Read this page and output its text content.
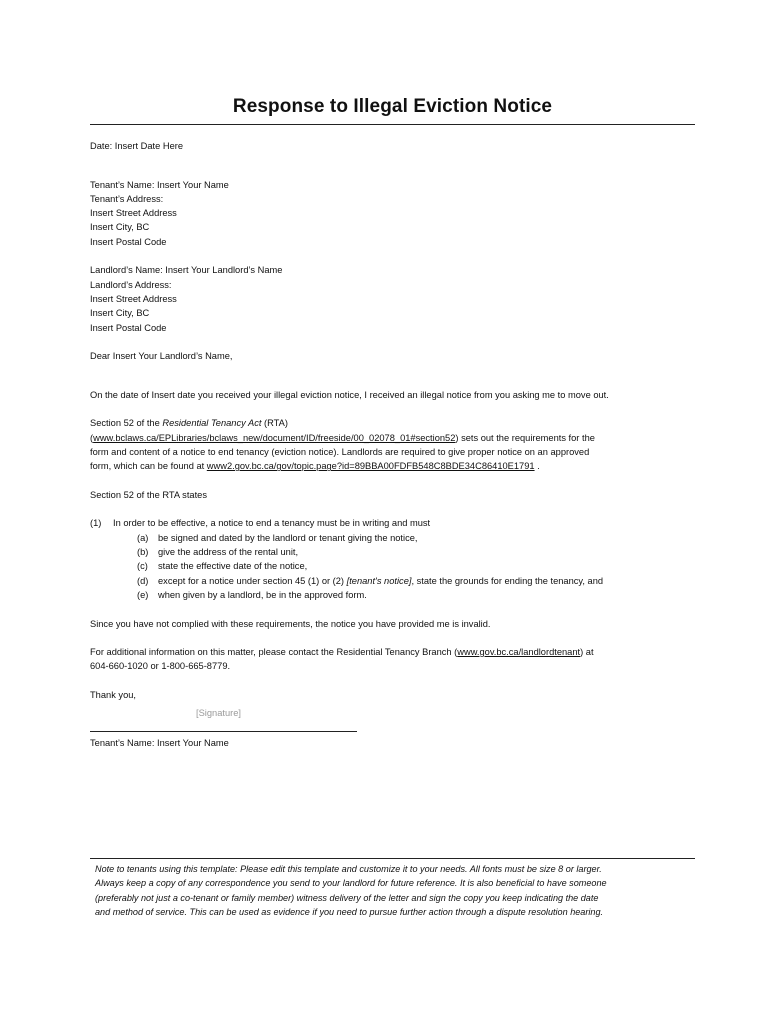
Response to Illegal Eviction Notice
Date: Insert Date Here
Tenant’s Name: Insert Your Name
Tenant’s Address:
Insert Street Address
Insert City, BC
Insert Postal Code
Landlord’s Name: Insert Your Landlord’s Name
Landlord’s Address:
Insert Street Address
Insert City, BC
Insert Postal Code
Dear Insert Your Landlord’s Name,
On the date of Insert date you received your illegal eviction notice, I received an illegal notice from you asking me to move out.
Section 52 of the Residential Tenancy Act (RTA)
(www.bclaws.ca/EPLibraries/bclaws_new/document/ID/freeside/00_02078_01#section52) sets out the requirements for the
form and content of a notice to end tenancy (eviction notice). Landlords are required to give proper notice on an approved
form, which can be found at www2.gov.bc.ca/gov/topic.page?id=89BBA00FDFB548C8BDE34C86410E1791 .
Section 52 of the RTA states
(1) In order to be effective, a notice to end a tenancy must be in writing and must
(a) be signed and dated by the landlord or tenant giving the notice,
(b) give the address of the rental unit,
(c) state the effective date of the notice,
(d) except for a notice under section 45 (1) or (2) [tenant's notice], state the grounds for ending the tenancy, and
(e) when given by a landlord, be in the approved form.
Since you have not complied with these requirements, the notice you have provided me is invalid.
For additional information on this matter, please contact the Residential Tenancy Branch (www.gov.bc.ca/landlordtenant) at
604-660-1020 or 1-800-665-8779.
Thank you,
[Signature]
Tenant’s Name: Insert Your Name
Note to tenants using this template: Please edit this template and customize it to your needs. All fonts must be size 8 or larger.
Always keep a copy of any correspondence you send to your landlord for future reference. It is also beneficial to have someone
(preferably not just a co-tenant or family member) witness delivery of the letter and sign the copy you keep indicating the date
and method of service. This can be used as evidence if you need to pursue further action through a dispute resolution hearing.
